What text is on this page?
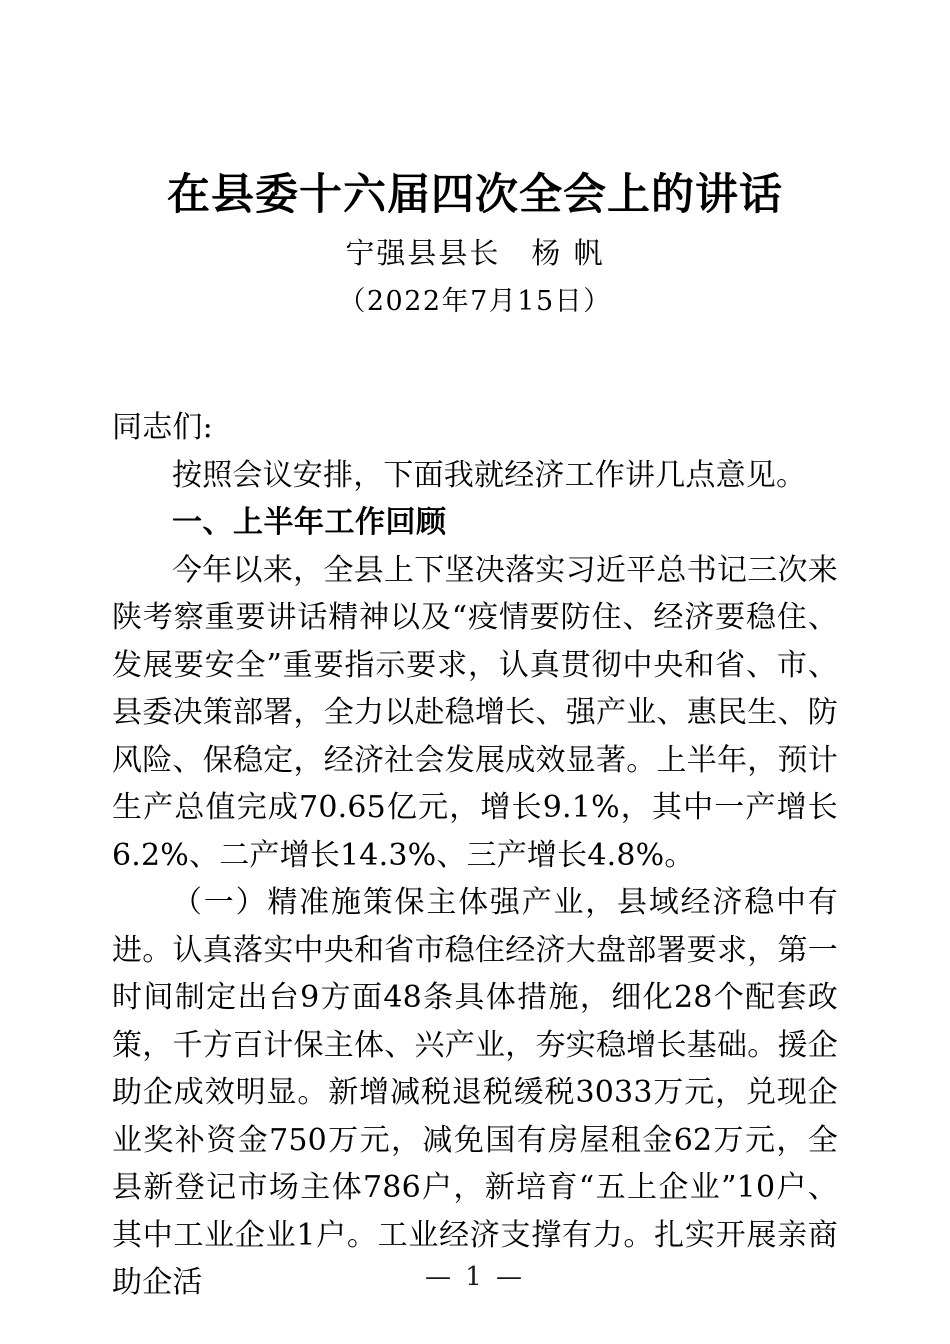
在县委十六届四次全会上的讲话
宁强县县长　杨 帆
（2022年7月15日）

同志们:

按照会议安排，下面我就经济工作讲几点意见。

一、上半年工作回顾

今年以来，全县上下坚决落实习近平总书记三次来陕考察重要讲话精神以及“疫情要防住、经济要稳住、发展要安全”重要指示要求，认真贯彻中央和省、市、县委决策部署，全力以赴稳增长、强产业、惠民生、防风险、保稳定，经济社会发展成效显著。上半年，预计生产总值完成70.65亿元，增长9.1%，其中一产增长6.2%、二产增长14.3%、三产增长4.8%。

（一）精准施策保主体强产业，县域经济稳中有进。认真落实中央和省市稳住经济大盘部署要求，第一时间制定出台9方面48条具体措施，细化28个配套政策，千方百计保主体、兴产业，夯实稳增长基础。援企助企成效明显。新增减税退税缓税3033万元，兑现企业奖补资金750万元，减免国有房屋租金62万元，全县新登记市场主体786户，新培育“五上企业”10户、其中工业企业1户。工业经济支撑有力。扎实开展亲商助企活	— 1 —
